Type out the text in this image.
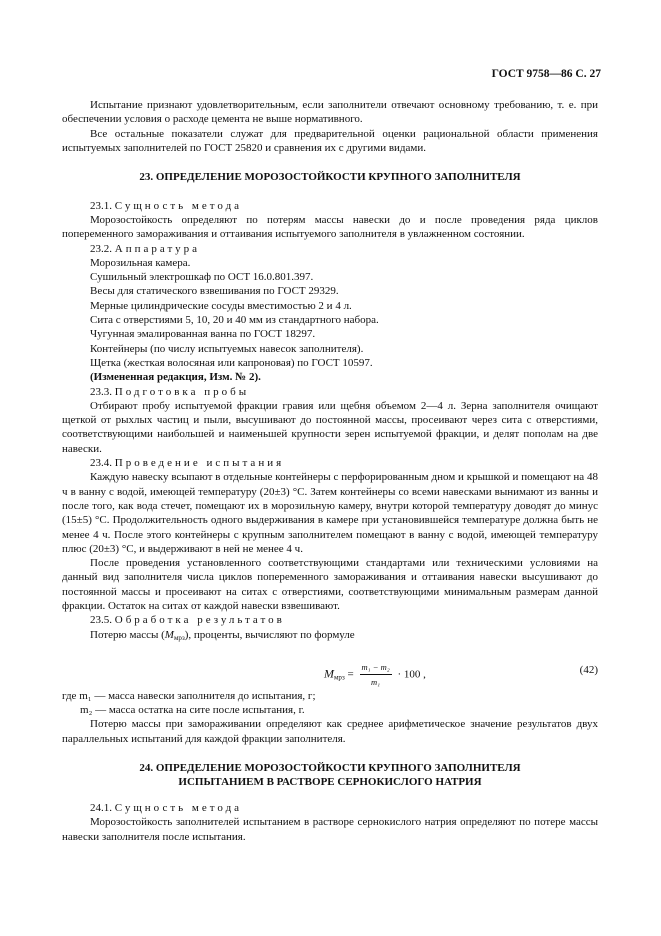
ГОСТ 9758—86 С. 27

Испытание признают удовлетворительным, если заполнители отвечают основному требованию, т. е. при обеспечении условия о расходе цемента не выше нормативного.

Все остальные показатели служат для предварительной оценки рациональной области применения испытуемых заполнителей по ГОСТ 25820 и сравнения их с другими видами.

23. ОПРЕДЕЛЕНИЕ МОРОЗОСТОЙКОСТИ КРУПНОГО ЗАПОЛНИТЕЛЯ

23.1. Сущность метода

Морозостойкость определяют по потерям массы навески до и после проведения ряда циклов попеременного замораживания и оттаивания испытуемого заполнителя в увлажненном состоянии.

23.2. Аппаратура

Морозильная камера.

Сушильный электрошкаф по ОСТ 16.0.801.397.

Весы для статического взвешивания по ГОСТ 29329.

Мерные цилиндрические сосуды вместимостью 2 и 4 л.

Сита с отверстиями 5, 10, 20 и 40 мм из стандартного набора.

Чугунная эмалированная ванна по ГОСТ 18297.

Контейнеры (по числу испытуемых навесок заполнителя).

Щетка (жесткая волосяная или капроновая) по ГОСТ 10597.

(Измененная редакция, Изм. № 2).

23.3. Подготовка пробы

Отбирают пробу испытуемой фракции гравия или щебня объемом 2—4 л. Зерна заполнителя очищают щеткой от рыхлых частиц и пыли, высушивают до постоянной массы, просеивают через сита с отверстиями, соответствующими наибольшей и наименьшей крупности зерен испытуемой фракции, и делят пополам на две навески.

23.4. Проведение испытания

Каждую навеску всыпают в отдельные контейнеры с перфорированным дном и крышкой и помещают на 48 ч в ванну с водой, имеющей температуру (20±3) °С. Затем контейнеры со всеми навесками вынимают из ванны и после того, как вода стечет, помещают их в морозильную камеру, внутри которой температуру доводят до минус (15±5) °С. Продолжительность одного выдерживания в камере при установившейся температуре должна быть не менее 4 ч. После этого контейнеры с крупным заполнителем помещают в ванну с водой, имеющей температуру плюс (20±3) °С, и выдерживают в ней не менее 4 ч.

После проведения установленного соответствующими стандартами или техническими условиями на данный вид заполнителя числа циклов попеременного замораживания и оттаивания навески высушивают до постоянной массы и просеивают на ситах с отверстиями, соответствующими минимальным размерам данной фракции. Остаток на ситах от каждой навески взвешивают.

23.5. Обработка результатов

Потерю массы $(M_{мрз})$, проценты, вычисляют по формуле

$M_{мрз} = \frac{\text{m₁ − m₂}}{\text{m₁}} \cdot 100$ ,	(42)

где m₁ — масса навески заполнителя до испытания, г;

m₂ — масса остатка на сите после испытания, г.

Потерю массы при замораживании определяют как среднее арифметическое значение результатов двух параллельных испытаний для каждой фракции заполнителя.

24. ОПРЕДЕЛЕНИЕ МОРОЗОСТОЙКОСТИ КРУПНОГО ЗАПОЛНИТЕЛЯ
ИСПЫТАНИЕМ В РАСТВОРЕ СЕРНОКИСЛОГО НАТРИЯ

24.1. Сущность метода

Морозостойкость заполнителей испытанием в растворе сернокислого натрия определяют по потере массы навески заполнителя после испытания.
